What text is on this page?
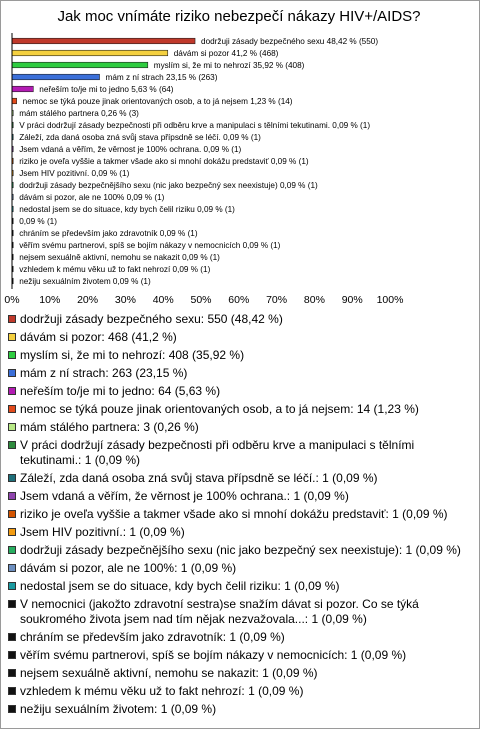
Jak moc vnímáte riziko nebezpečí nákazy HIV+/AIDS?
dodržuji zásady bezpečného sexu 48,42 % (550)
dávám si pozor 41,2 % (468)
myslím si, že mi to nehrozí 35,92 % (408)
mám z ní strach 23,15 % (263)
neřeším to/je mi to jedno 5,63 % (64)
nemoc se týká pouze jinak orientovaných osob, a to já nejsem 1,23 % (14)
mám stálého partnera 0,26 % (3)
V práci dodržují zásady bezpečnosti při odběru krve a manipulaci s tělními tekutinami. 0,09 % (1)
Záleží, zda daná osoba zná svůj stava přípsdně se léčí. 0,09 % (1)
Jsem vdaná a věřím, že věrnost je 100% ochrana. 0,09 % (1)
riziko je oveľa vyššie a takmer všade ako si mnohí dokážu predstaviť 0,09 % (1)
Jsem HIV pozitivní. 0,09 % (1)
dodržuji zásady bezpečnějšího sexu (nic jako bezpečný sex neexistuje) 0,09 % (1)
dávám si pozor, ale ne 100% 0,09 % (1)
nedostal jsem se do situace, kdy bych čelil riziku 0,09 % (1)
0,09 % (1)
chráním se především jako zdravotník 0,09 % (1)
věřím svému partnerovi, spíš se bojím nákazy v nemocnicích 0,09 % (1)
nejsem sexuálně aktivní, nemohu se nakazit 0,09 % (1)
vzhledem k mému věku už to fakt nehrozí 0,09 % (1)
nežiju sexuálním životem 0,09 % (1)
0% 10% 20% 30% 40% 50% 60% 70% 80% 90% 100%
dodržuji zásady bezpečného sexu: 550 (48,42 %)
dávám si pozor: 468 (41,2 %)
myslím si, že mi to nehrozí: 408 (35,92 %)
mám z ní strach: 263 (23,15 %)
neřeším to/je mi to jedno: 64 (5,63 %)
nemoc se týká pouze jinak orientovaných osob, a to já nejsem: 14 (1,23 %)
mám stálého partnera: 3 (0,26 %)
V práci dodržují zásady bezpečnosti při odběru krve a manipulaci s tělními tekutinami.: 1 (0,09 %)
Záleží, zda daná osoba zná svůj stava přípsdně se léčí.: 1 (0,09 %)
Jsem vdaná a věřím, že věrnost je 100% ochrana.: 1 (0,09 %)
riziko je oveľa vyššie a takmer všade ako si mnohí dokážu predstaviť: 1 (0,09 %)
Jsem HIV pozitivní.: 1 (0,09 %)
dodržuji zásady bezpečnějšího sexu (nic jako bezpečný sex neexistuje): 1 (0,09 %)
dávám si pozor, ale ne 100%: 1 (0,09 %)
nedostal jsem se do situace, kdy bych čelil riziku: 1 (0,09 %)
V nemocnici (jakožto zdravotní sestra)se snažím dávat si pozor. Co se týká soukromého života jsem nad tím nějak nezvažovala...: 1 (0,09 %)
chráním se především jako zdravotník: 1 (0,09 %)
věřím svému partnerovi, spíš se bojím nákazy v nemocnicích: 1 (0,09 %)
nejsem sexuálně aktivní, nemohu se nakazit: 1 (0,09 %)
vzhledem k mému věku už to fakt nehrozí: 1 (0,09 %)
nežiju sexuálním životem: 1 (0,09 %)
